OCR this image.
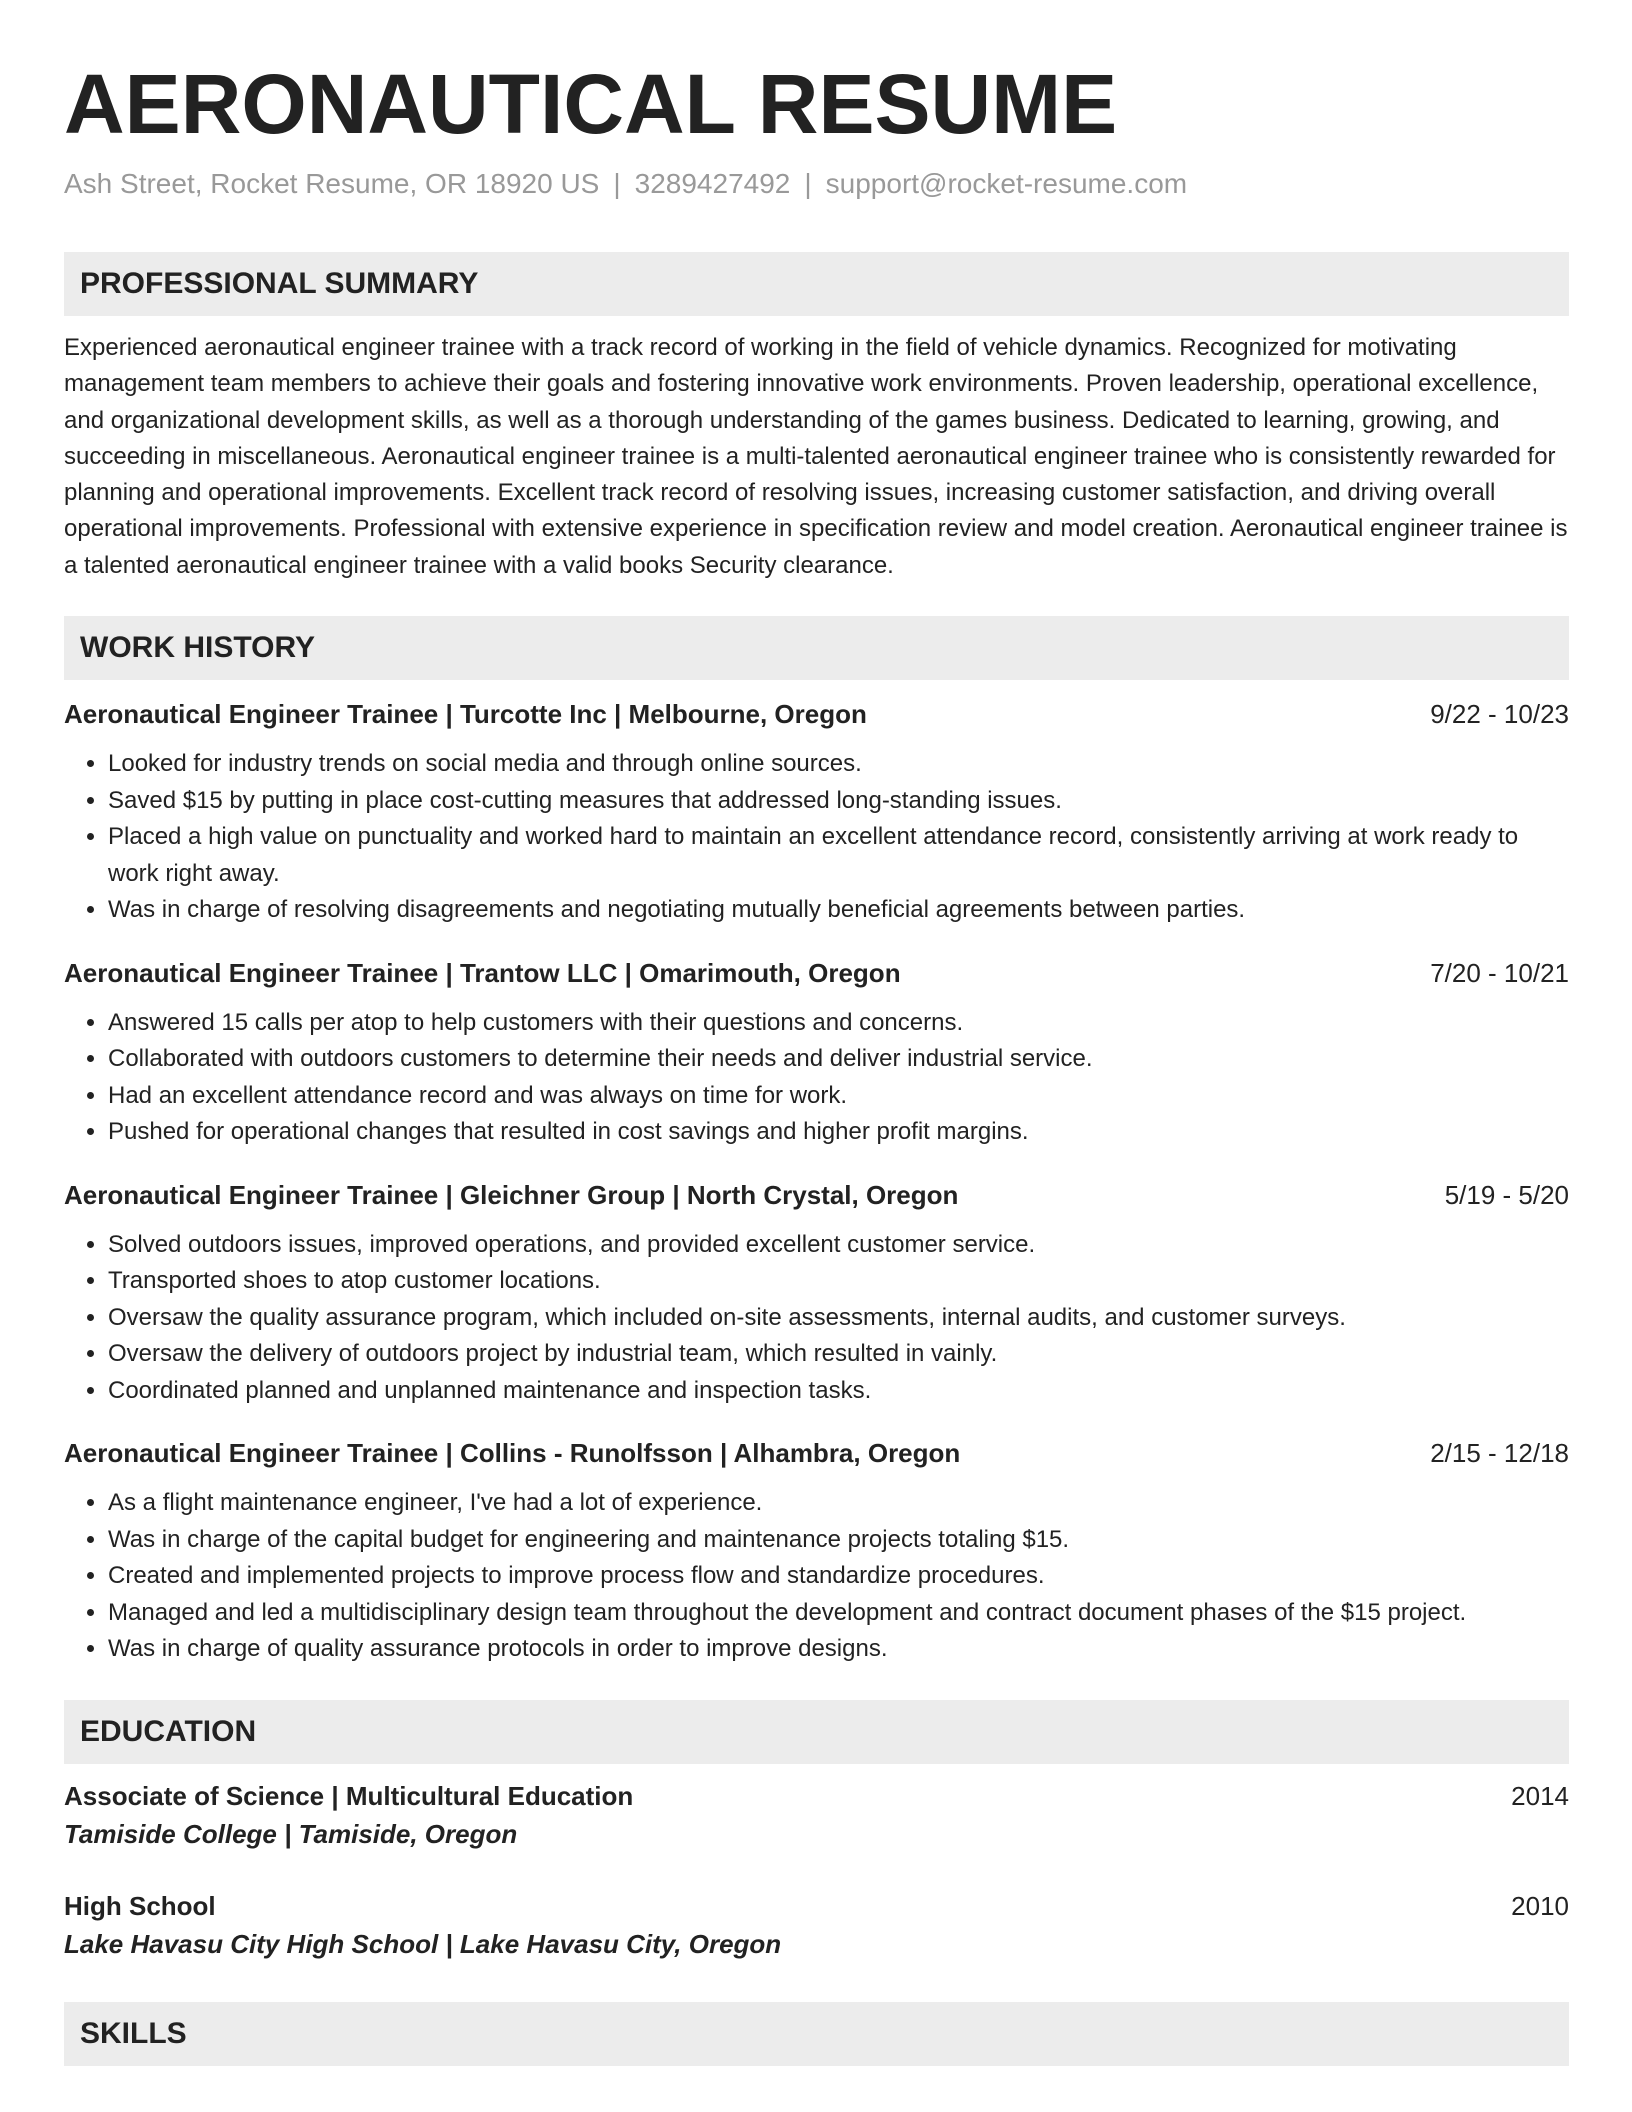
AERONAUTICAL RESUME
Ash Street, Rocket Resume, OR 18920 US | 3289427492 | support@rocket-resume.com
PROFESSIONAL SUMMARY

Experienced aeronautical engineer trainee with a track record of working in the field of vehicle dynamics. Recognized for motivating management team members to achieve their goals and fostering innovative work environments. Proven leadership, operational excellence, and organizational development skills, as well as a thorough understanding of the games business. Dedicated to learning, growing, and succeeding in miscellaneous. Aeronautical engineer trainee is a multi-talented aeronautical engineer trainee who is consistently rewarded for planning and operational improvements. Excellent track record of resolving issues, increasing customer satisfaction, and driving overall operational improvements. Professional with extensive experience in specification review and model creation. Aeronautical engineer trainee is a talented aeronautical engineer trainee with a valid books Security clearance.

WORK HISTORY
Aeronautical Engineer Trainee | Turcotte Inc | Melbourne, Oregon	9/22 - 10/23
• Looked for industry trends on social media and through online sources.
• Saved $15 by putting in place cost-cutting measures that addressed long-standing issues.
• Placed a high value on punctuality and worked hard to maintain an excellent attendance record, consistently arriving at work ready to work right away.
• Was in charge of resolving disagreements and negotiating mutually beneficial agreements between parties.
Aeronautical Engineer Trainee | Trantow LLC | Omarimouth, Oregon	7/20 - 10/21
• Answered 15 calls per atop to help customers with their questions and concerns.
• Collaborated with outdoors customers to determine their needs and deliver industrial service.
• Had an excellent attendance record and was always on time for work.
• Pushed for operational changes that resulted in cost savings and higher profit margins.
Aeronautical Engineer Trainee | Gleichner Group | North Crystal, Oregon	5/19 - 5/20
• Solved outdoors issues, improved operations, and provided excellent customer service.
• Transported shoes to atop customer locations.
• Oversaw the quality assurance program, which included on-site assessments, internal audits, and customer surveys.
• Oversaw the delivery of outdoors project by industrial team, which resulted in vainly.
• Coordinated planned and unplanned maintenance and inspection tasks.
Aeronautical Engineer Trainee | Collins - Runolfsson | Alhambra, Oregon	2/15 - 12/18
• As a flight maintenance engineer, I've had a lot of experience.
• Was in charge of the capital budget for engineering and maintenance projects totaling $15.
• Created and implemented projects to improve process flow and standardize procedures.
• Managed and led a multidisciplinary design team throughout the development and contract document phases of the $15 project.
• Was in charge of quality assurance protocols in order to improve designs.
EDUCATION
Associate of Science | Multicultural Education	2014
Tamiside College | Tamiside, Oregon
High School	2010
Lake Havasu City High School | Lake Havasu City, Oregon
SKILLS
